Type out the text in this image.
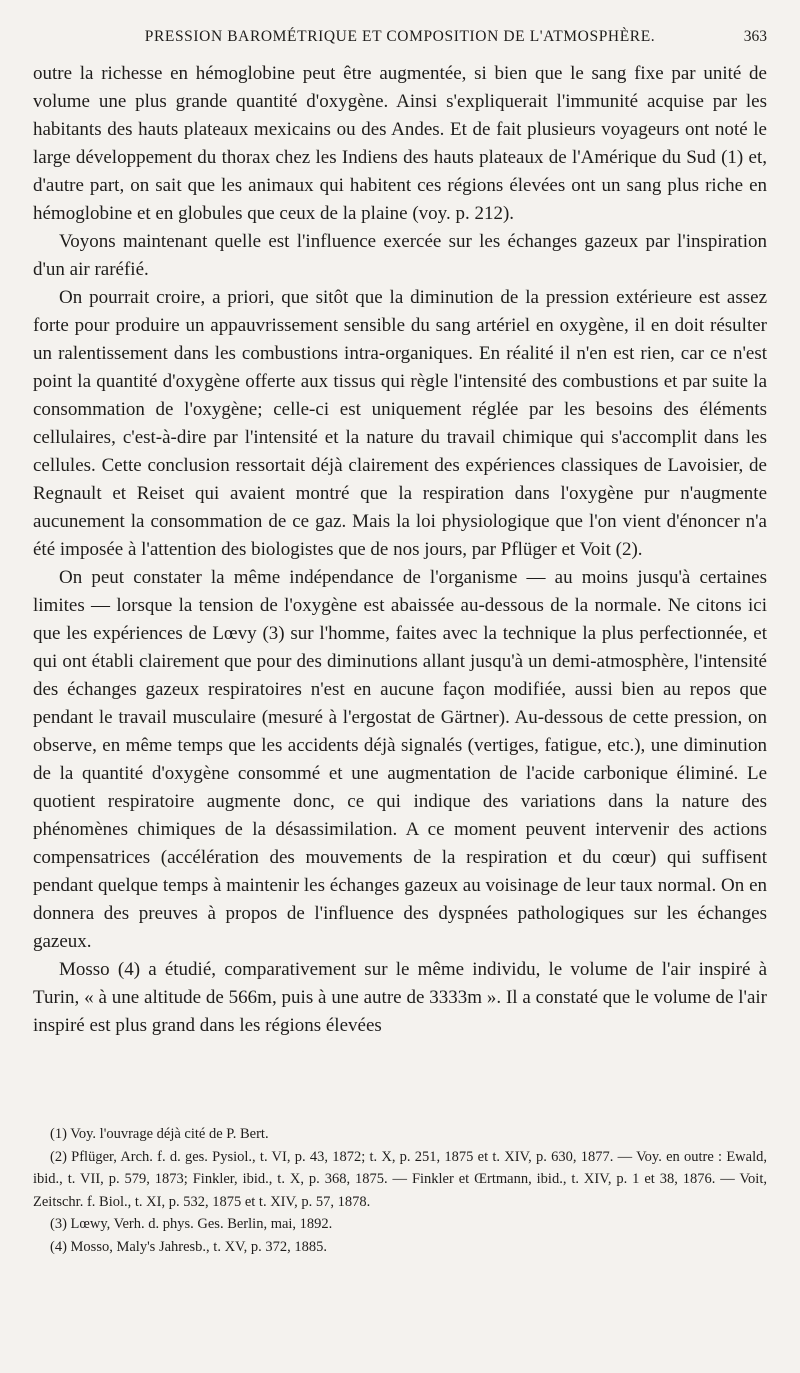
PRESSION BAROMÉTRIQUE ET COMPOSITION DE L'ATMOSPHÈRE.	363

outre la richesse en hémoglobine peut être augmentée, si bien que le sang fixe par unité de volume une plus grande quantité d'oxygène. Ainsi s'expliquerait l'immunité acquise par les habitants des hauts plateaux mexicains ou des Andes. Et de fait plusieurs voyageurs ont noté le large développement du thorax chez les Indiens des hauts plateaux de l'Amérique du Sud (1) et, d'autre part, on sait que les animaux qui habitent ces régions élevées ont un sang plus riche en hémoglobine et en globules que ceux de la plaine (voy. p. 212).

Voyons maintenant quelle est l'influence exercée sur les échanges gazeux par l'inspiration d'un air raréfié.

On pourrait croire, a priori, que sitôt que la diminution de la pression extérieure est assez forte pour produire un appauvrissement sensible du sang artériel en oxygène, il en doit résulter un ralentissement dans les combustions intra-organiques. En réalité il n'en est rien, car ce n'est point la quantité d'oxygène offerte aux tissus qui règle l'intensité des combustions et par suite la consommation de l'oxygène; celle-ci est uniquement réglée par les besoins des éléments cellulaires, c'est-à-dire par l'intensité et la nature du travail chimique qui s'accomplit dans les cellules. Cette conclusion ressortait déjà clairement des expériences classiques de Lavoisier, de Regnault et Reiset qui avaient montré que la respiration dans l'oxygène pur n'augmente aucunement la consommation de ce gaz. Mais la loi physiologique que l'on vient d'énoncer n'a été imposée à l'attention des biologistes que de nos jours, par Pflüger et Voit (2).

On peut constater la même indépendance de l'organisme — au moins jusqu'à certaines limites — lorsque la tension de l'oxygène est abaissée au-dessous de la normale. Ne citons ici que les expériences de Lœvy (3) sur l'homme, faites avec la technique la plus perfectionnée, et qui ont établi clairement que pour des diminutions allant jusqu'à un demi-atmosphère, l'intensité des échanges gazeux respiratoires n'est en aucune façon modifiée, aussi bien au repos que pendant le travail musculaire (mesuré à l'ergostat de Gärtner). Au-dessous de cette pression, on observe, en même temps que les accidents déjà signalés (vertiges, fatigue, etc.), une diminution de la quantité d'oxygène consommé et une augmentation de l'acide carbonique éliminé. Le quotient respiratoire augmente donc, ce qui indique des variations dans la nature des phénomènes chimiques de la désassimilation. A ce moment peuvent intervenir des actions compensatrices (accélération des mouvements de la respiration et du cœur) qui suffisent pendant quelque temps à maintenir les échanges gazeux au voisinage de leur taux normal. On en donnera des preuves à propos de l'influence des dyspnées pathologiques sur les échanges gazeux.

Mosso (4) a étudié, comparativement sur le même individu, le volume de l'air inspiré à Turin, « à une altitude de 566m, puis à une autre de 3333m ». Il a constaté que le volume de l'air inspiré est plus grand dans les régions élevées

(1) Voy. l'ouvrage déjà cité de P. Bert.

(2) Pflüger, Arch. f. d. ges. Pysiol., t. VI, p. 43, 1872; t. X, p. 251, 1875 et t. XIV, p. 630, 1877. — Voy. en outre : Ewald, ibid., t. VII, p. 579, 1873; Finkler, ibid., t. X, p. 368, 1875. — Finkler et Œrtmann, ibid., t. XIV, p. 1 et 38, 1876. — Voit, Zeitschr. f. Biol., t. XI, p. 532, 1875 et t. XIV, p. 57, 1878.

(3) Lœwy, Verh. d. phys. Ges. Berlin, mai, 1892.

(4) Mosso, Maly's Jahresb., t. XV, p. 372, 1885.
